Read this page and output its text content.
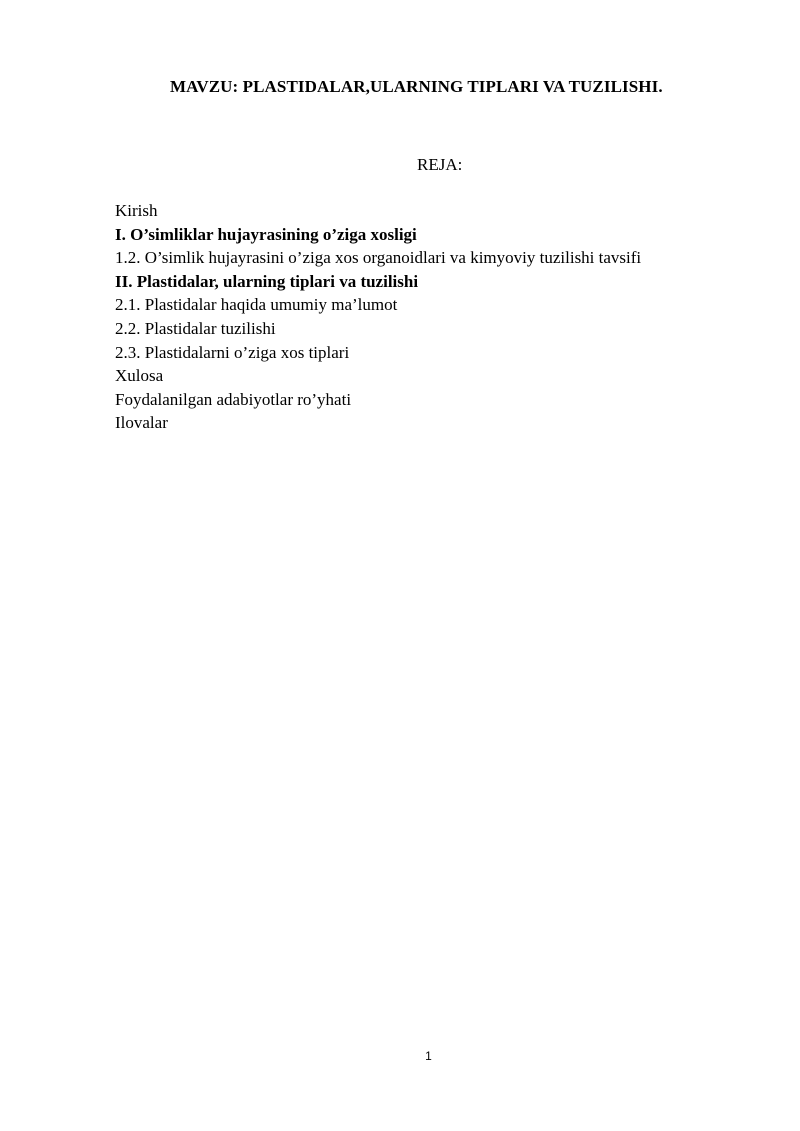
MAVZU: PLASTIDALAR,ULARNING TIPLARI VA TUZILISHI.
REJA:
Kirish
I. O’simliklar hujayrasining o’ziga xosligi
1.2. O’simlik hujayrasini o’ziga xos organoidlari va kimyoviy tuzilishi tavsifi
II. Plastidalar, ularning tiplari va tuzilishi
2.1. Plastidalar haqida umumiy ma’lumot
2.2. Plastidalar tuzilishi
2.3. Plastidalarni o’ziga xos tiplari
Xulosa
Foydalanilgan adabiyotlar ro’yhati
Ilovalar
1
